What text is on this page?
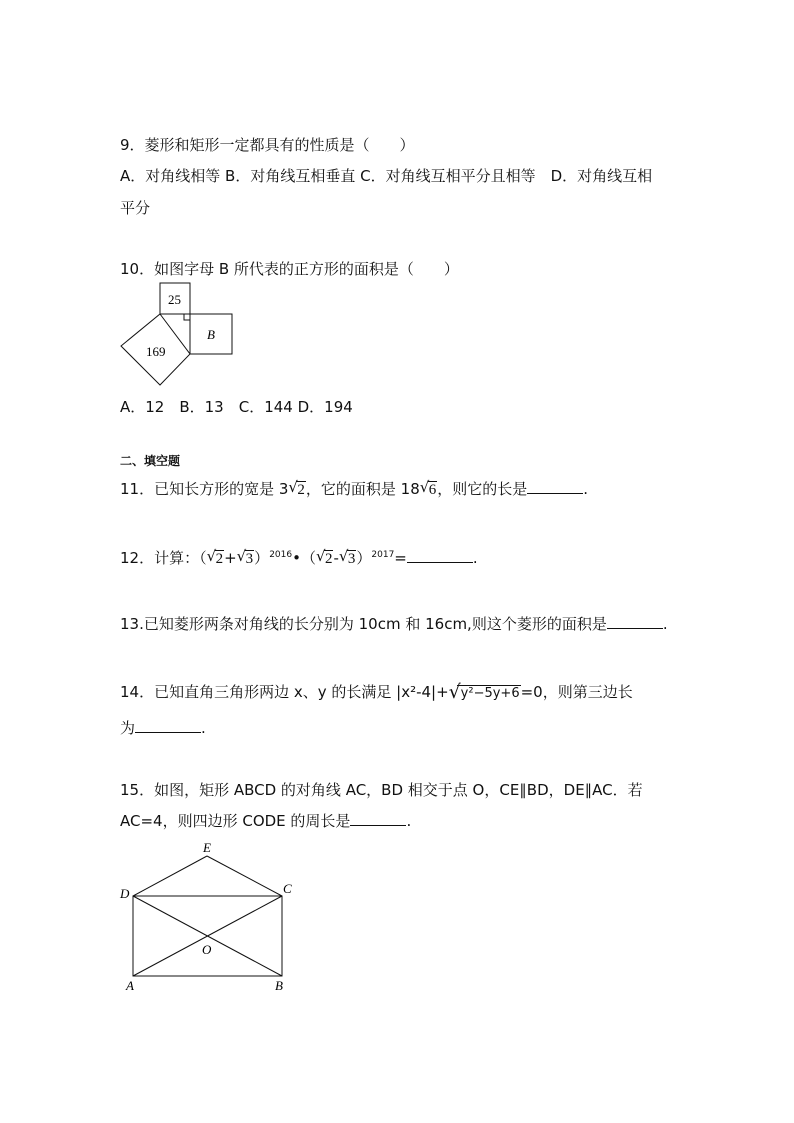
9．菱形和矩形一定都具有的性质是（　　）
A．对角线相等 B．对角线互相垂直 C．对角线互相平分且相等　D．对角线互相
平分
10．如图字母 B 所代表的正方形的面积是（　　）
25
B
169
A．12　B．13　C．144 D．194
二、填空题
11．已知长方形的宽是 3 √ 2，它的面积是 18 √ 6，则它的长是	.
12．计算：（ √ 2+ √ 3）$^{2016}$•（ √ 2- √ 3）$^{2017}$=	.
13.已知菱形两条对角线的长分别为 10cm 和 16cm,则这个菱形的面积是	.
14．已知直角三角形两边 x、y 的长满足 |x²-4|+ √ y²−5y+6=0，则第三边长
为	.
15．如图，矩形 ABCD 的对角线 AC，BD 相交于点 O，CE∥BD，DE∥AC．若
AC=4，则四边形 CODE 的周长是	.
E
D	C
O
A	B
